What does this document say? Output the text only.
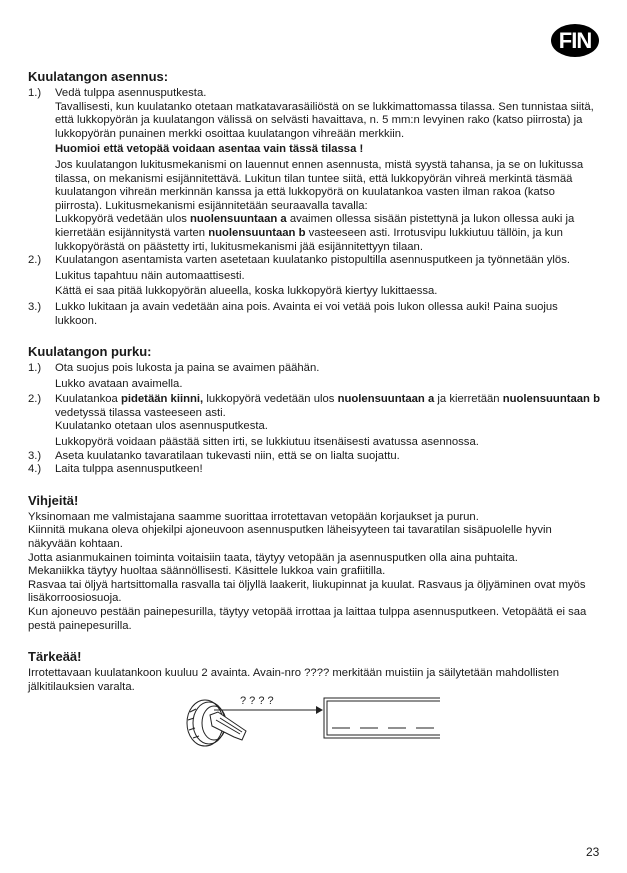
FIN
Kuulatangon asennus:
1.)	Vedä tulppa asennusputkesta.

Tavallisesti, kun kuulatanko otetaan matkatavarasäiliöstä on se lukkimattomassa tilassa. Sen tunnistaa siitä, että lukkopyörän ja kuulatangon välissä on selvästi havaittava, n. 5 mm:n levyinen rako (katso piirrosta) ja lukkopyörän punainen merkki osoittaa kuulatangon vihreään merkkiin.

Huomioi että vetopää voidaan asentaa vain tässä tilassa !

Jos kuulatangon lukitusmekanismi on lauennut ennen asennusta, mistä syystä tahansa, ja se on lukitussa tilassa, on mekanismi esijännitettävä. Lukitun tilan tuntee siitä, että lukkopyörän vihreä merkintä täsmää kuulatangon vihreän merkinnän kanssa ja että lukkopyörä on kuulatankoa vasten ilman rakoa (katso piirrosta). Lukitusmekanismi esijännitetään seuraavalla tavalla:

Lukkopyörä vedetään ulos nuolensuuntaan a avaimen ollessa sisään pistettynä ja lukon ollessa auki ja kierretään esijännitystä varten nuolensuuntaan b vasteeseen asti. Irrotusvipu lukkiutuu tällöin, ja kun lukkopyörästä on päästetty irti, lukitusmekanismi jää esijännitettyyn tilaan.

2.)	Kuulatangon asentamista varten asetetaan kuulatanko pistopultilla asennusputkeen ja työnnetään ylös.

Lukitus tapahtuu näin automaattisesti.

Kättä ei saa pitää lukkopyörän alueella, koska lukkopyörä kiertyy lukittaessa.

3.)	Lukko lukitaan ja avain vedetään aina pois. Avainta ei voi vetää pois lukon ollessa auki! Paina suojus lukkoon.

Kuulatangon purku:
1.)	Ota suojus pois lukosta ja paina se avaimen päähän.

Lukko avataan avaimella.

2.)	Kuulatankoa pidetään kiinni, lukkopyörä vedetään ulos nuolensuuntaan a ja kierretään nuolensuuntaan b vedetyssä tilassa vasteeseen asti.

Kuulatanko otetaan ulos asennusputkesta.

Lukkopyörä voidaan päästää sitten irti, se lukkiutuu itsenäisesti avatussa asennossa.

3.)	Aseta kuulatanko tavaratilaan tukevasti niin, että se on lialta suojattu.

4.)	Laita tulppa asennusputkeen!

Vihjeitä!

Yksinomaan me valmistajana saamme suorittaa irrotettavan vetopään korjaukset ja purun.

Kiinnitä mukana oleva ohjekilpi ajoneuvoon asennusputken läheisyyteen tai tavaratilan sisäpuolelle hyvin näkyvään kohtaan.

Jotta asianmukainen toiminta voitaisiin taata, täytyy vetopään ja asennusputken olla aina puhtaita.

Mekaniikka täytyy huoltaa säännöllisesti. Käsittele lukkoa vain grafiitilla.

Rasvaa tai öljyä hartsittomalla rasvalla tai öljyllä laakerit, liukupinnat ja kuulat. Rasvaus ja öljyäminen ovat myös lisäkorroosiosuoja.

Kun ajoneuvo pestään painepesurilla, täytyy vetopää irrottaa ja laittaa tulppa asennusputkeen. Vetopäätä ei saa pestä painepesurilla.

Tärkeää!

Irrotettavaan kuulatankoon kuuluu 2 avainta. Avain-nro ???? merkitään muistiin ja säilytetään mahdollisten jälkitilauksien varalta.

? ? ? ?
23
